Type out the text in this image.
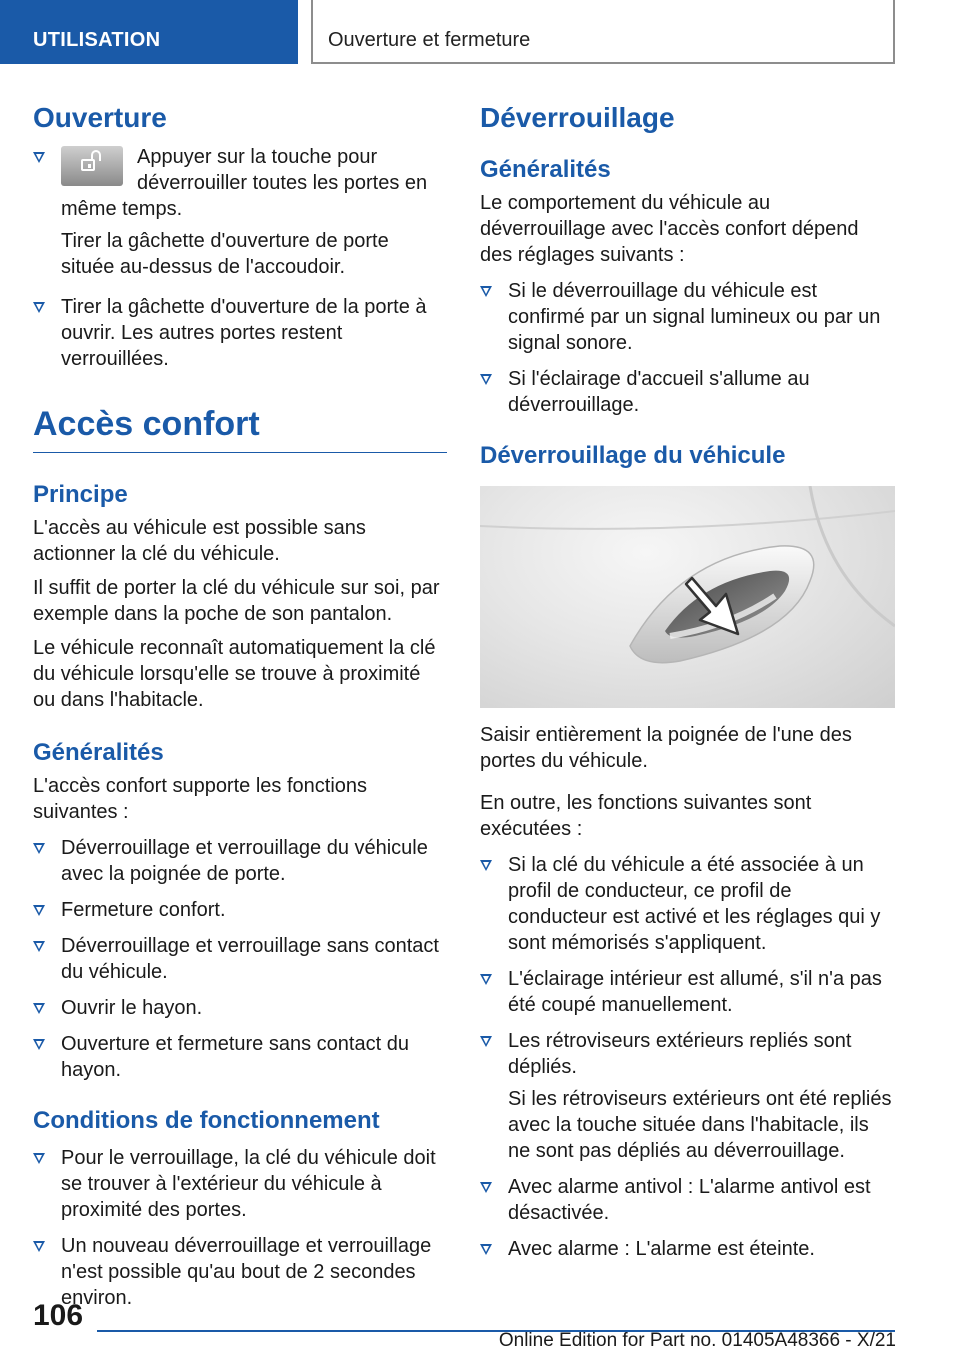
UTILISATION	Ouverture et fermeture
Ouverture
Appuyer sur la touche pour déverrouiller toutes les portes en même temps.

Tirer la gâchette d'ouverture de porte située au-dessus de l'accoudoir.

Tirer la gâchette d'ouverture de la porte à ouvrir. Les autres portes restent verrouillées.
Accès confort
Principe

L'accès au véhicule est possible sans actionner la clé du véhicule.

Il suffit de porter la clé du véhicule sur soi, par exemple dans la poche de son pantalon.

Le véhicule reconnaît automatiquement la clé du véhicule lorsqu'elle se trouve à proximité ou dans l'habitacle.

Généralités

L'accès confort supporte les fonctions suivantes :

Déverrouillage et verrouillage du véhicule avec la poignée de porte.
Fermeture confort.
Déverrouillage et verrouillage sans contact du véhicule.
Ouvrir le hayon.
Ouverture et fermeture sans contact du hayon.
Conditions de fonctionnement
Pour le verrouillage, la clé du véhicule doit se trouver à l'extérieur du véhicule à proximité des portes.
Un nouveau déverrouillage et verrouillage n'est possible qu'au bout de 2 secondes environ.
Déverrouillage
Généralités

Le comportement du véhicule au déverrouillage avec l'accès confort dépend des réglages suivants :

Si le déverrouillage du véhicule est confirmé par un signal lumineux ou par un signal sonore.
Si l'éclairage d'accueil s'allume au déverrouillage.
Déverrouillage du véhicule

Saisir entièrement la poignée de l'une des portes du véhicule.

En outre, les fonctions suivantes sont exécutées :

Si la clé du véhicule a été associée à un profil de conducteur, ce profil de conducteur est activé et les réglages qui y sont mémorisés s'appliquent.
L'éclairage intérieur est allumé, s'il n'a pas été coupé manuellement.
Les rétroviseurs extérieurs repliés sont dépliés.

Si les rétroviseurs extérieurs ont été repliés avec la touche située dans l'habitacle, ils ne sont pas dépliés au déverrouillage.

Avec alarme antivol : L'alarme antivol est désactivée.
Avec alarme : L'alarme est éteinte.
106
Online Edition for Part no. 01405A48366 - X/21
